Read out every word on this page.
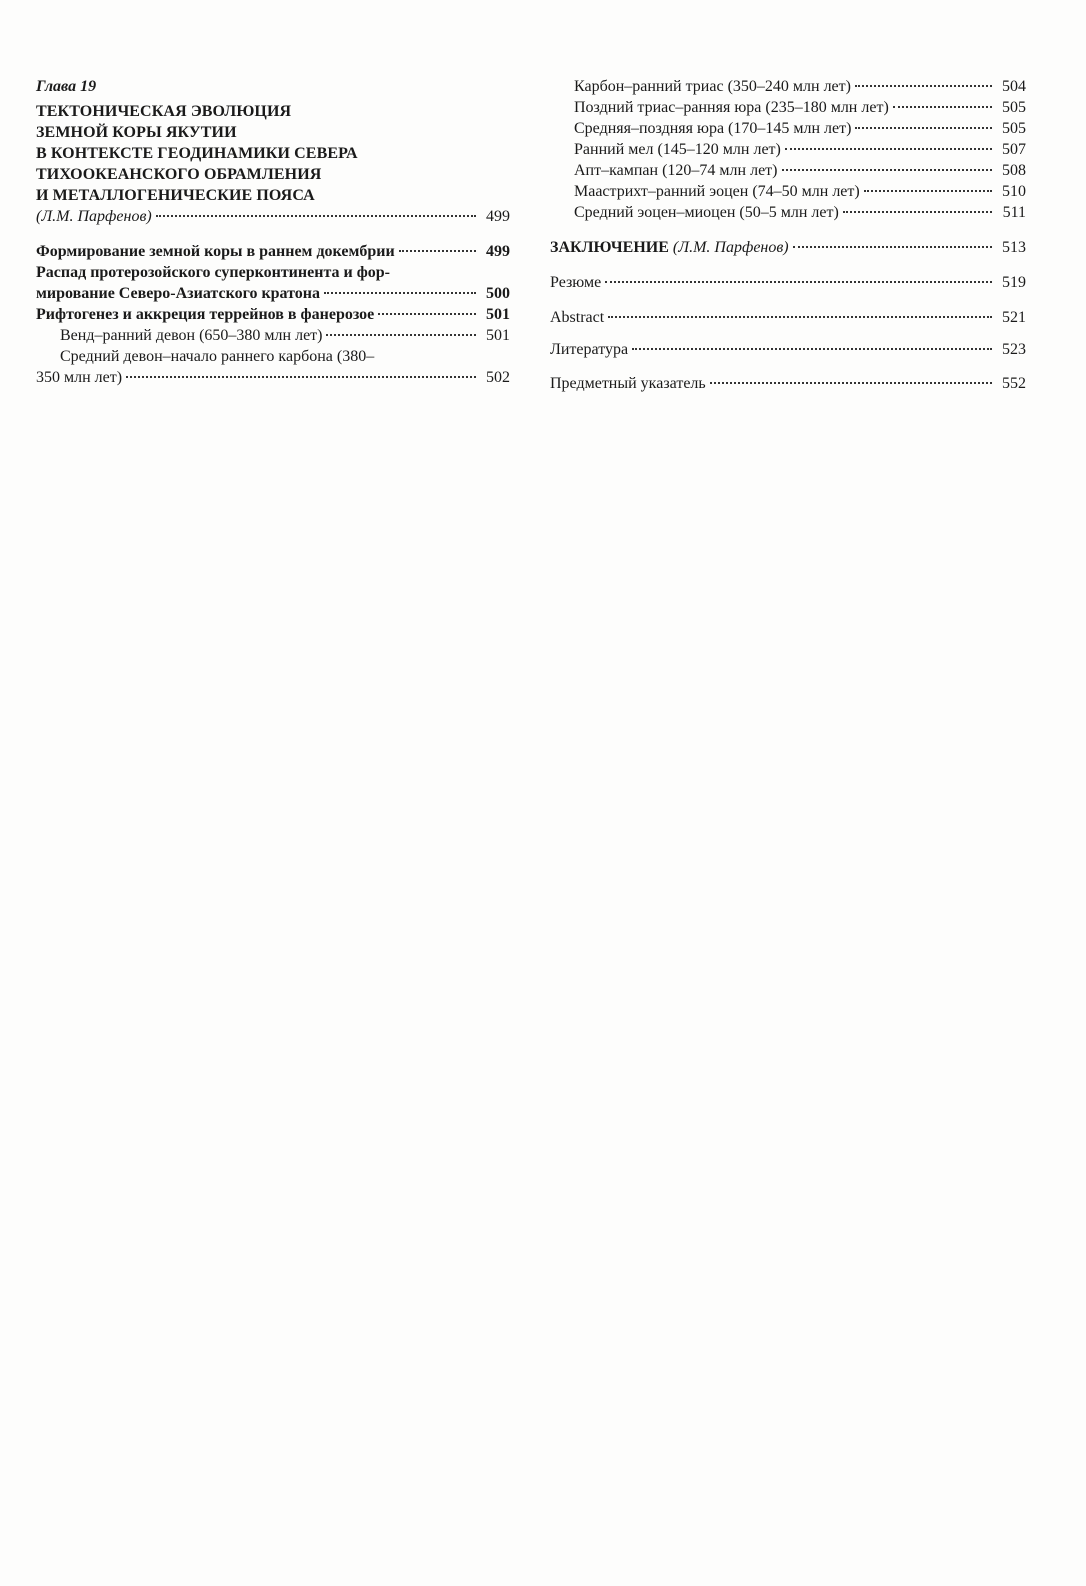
Глава 19
ТЕКТОНИЧЕСКАЯ ЭВОЛЮЦИЯ
ЗЕМНОЙ КОРЫ ЯКУТИИ
В КОНТЕКСТЕ ГЕОДИНАМИКИ СЕВЕРА
ТИХООКЕАНСКОГО ОБРАМЛЕНИЯ
И МЕТАЛЛОГЕНИЧЕСКИЕ ПОЯСА
(Л.М. Парфенов)	499
Формирование земной коры в раннем докембрии	499
Распад протерозойского суперконтинента и фор-
мирование Северо-Азиатского кратона	500
Рифтогенез и аккреция террейнов в фанерозое	501
Венд–ранний девон (650–380 млн лет)	501
Средний девон–начало раннего карбона (380–
350 млн лет)	502
Карбон–ранний триас (350–240 млн лет)	504
Поздний триас–ранняя юра (235–180 млн лет)	505
Средняя–поздняя юра (170–145 млн лет)	505
Ранний мел (145–120 млн лет)	507
Апт–кампан (120–74 млн лет)	508
Маастрихт–ранний эоцен (74–50 млн лет)	510
Средний эоцен–миоцен (50–5 млн лет)	511
ЗАКЛЮЧЕНИЕ (Л.М. Парфенов)	513
Резюме	519
Abstract	521
Литература	523
Предметный указатель	552
